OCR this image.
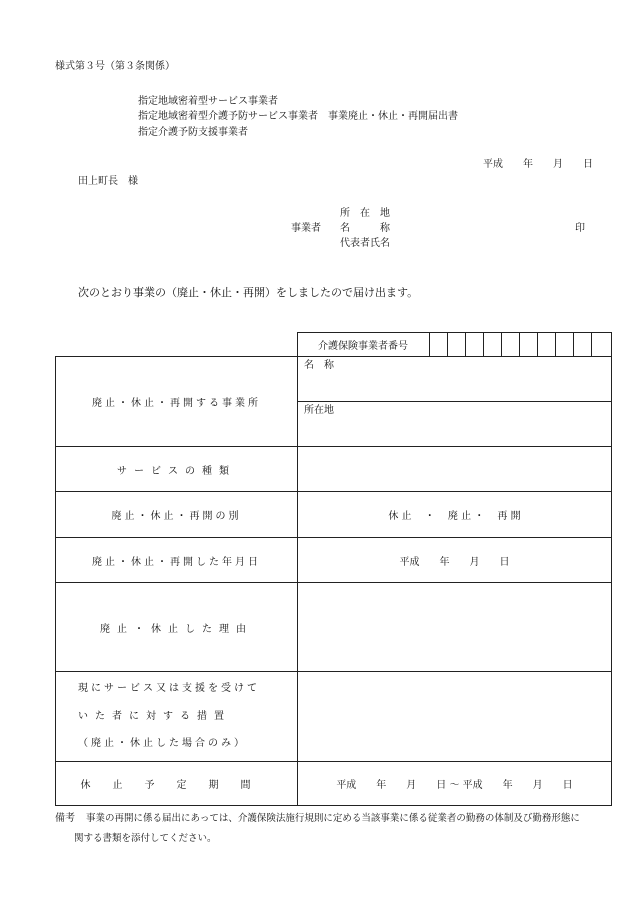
様式第３号（第３条関係）
指定地域密着型サービス事業者
指定地域密着型介護予防サービス事業者　事業廃止・休止・再開届出書
指定介護予防支援事業者
平成　　年　　月　　日
田上町長　様
所　在　地
事業者 名　　　称	印
代表者氏名
次のとおり事業の（廃止・休止・再開）をしましたので届け出ます。
介護保険事業者番号
廃止・休止・再開する事業所
名　称
所在地
サービスの種類
廃止・休止・再開の別	休 止　 ・　 廃 止 ・　 再 開
廃止・休止・再開した年月日	平成　　年　　月　　日
廃止・休止した理由
現にサービス又は支援を受けて
いた者に対する措置
（廃止・休止した場合のみ）
休止予定期間	平成　　年　　月　　日 ～ 平成　　年　　月　　日
備考 事業の再開に係る届出にあっては、介護保険法施行規則に定める当該事業に係る従業者の勤務の体制及び勤務形態に
関する書類を添付してください。
